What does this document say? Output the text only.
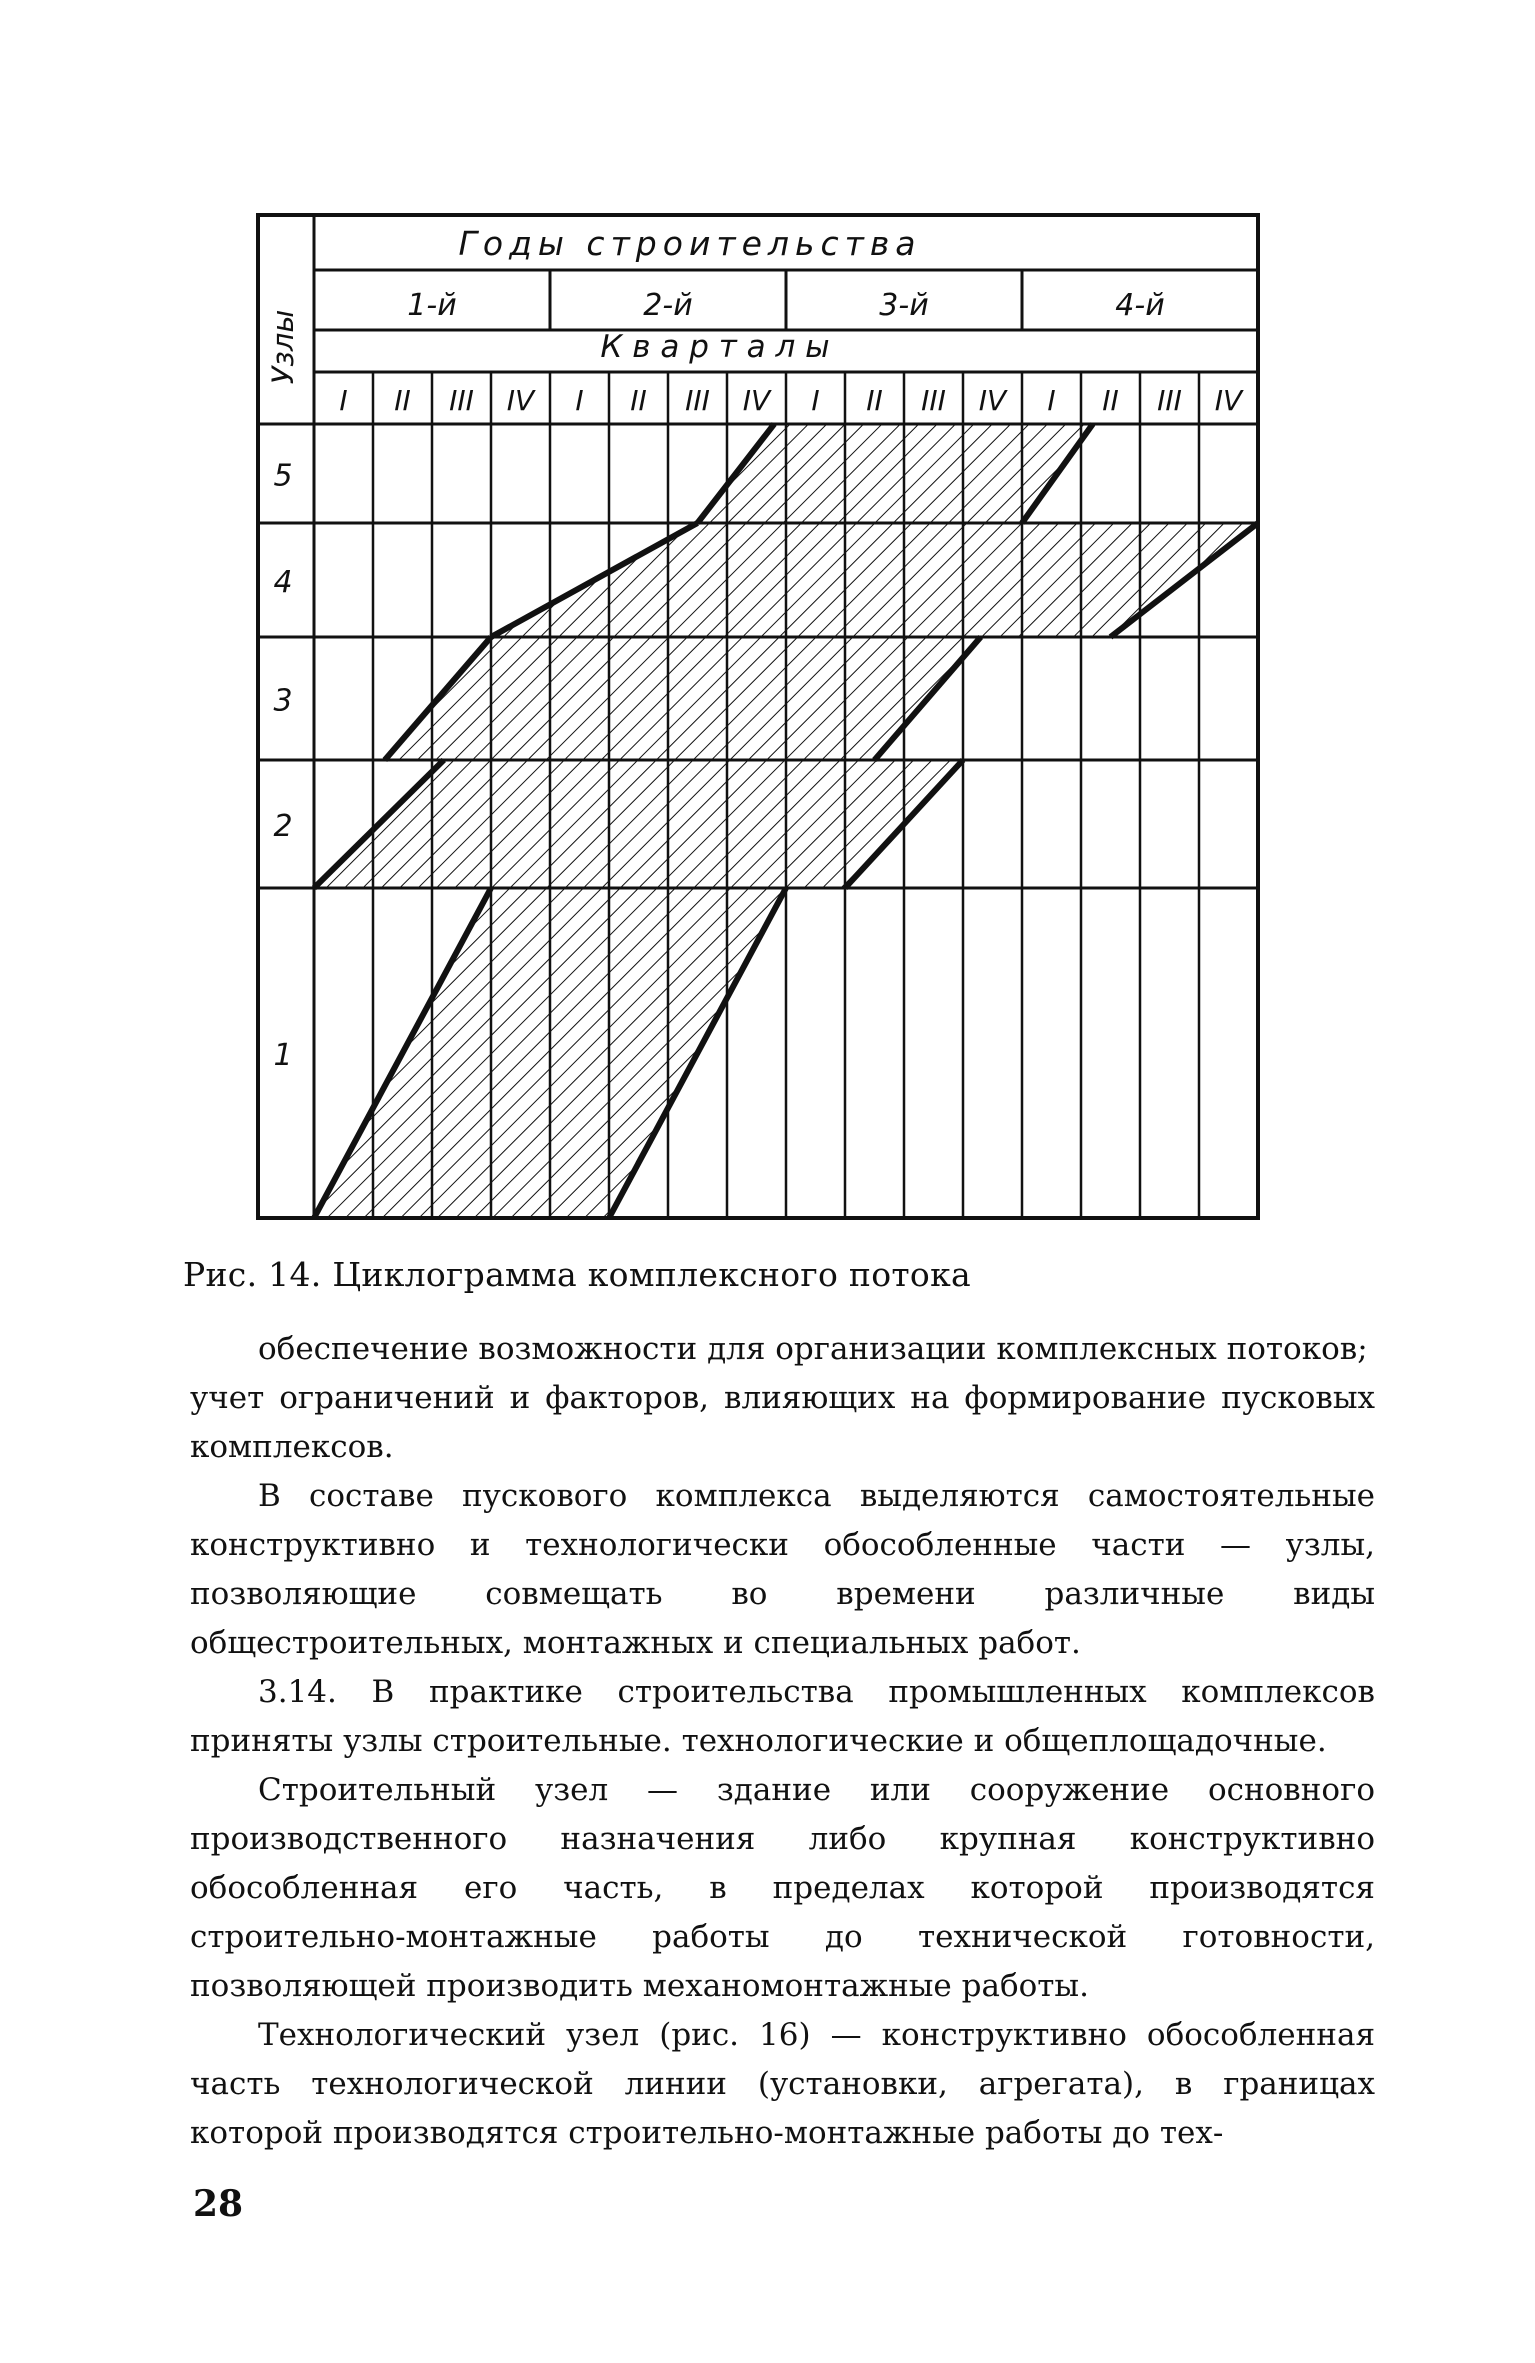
Годы строительства
К в а р т а л ы
Узлы
1-й	2-й	3-й	4-й
I II III IV I II III IV I II III IV I II III IV
5
4
3
2
1
Рис. 14. Циклограмма комплексного потока

обеспечение возможности для организации комплексных потоков;

учет ограничений и факторов, влияющих на формирование пусковых комплексов.

В составе пускового комплекса выделяются самостоятельные конструктивно и технологически обособленные части — узлы, позволяющие совмещать во времени различные виды общестроительных, монтажных и специальных работ.

3.14. В практике строительства промышленных комплексов приняты узлы строительные. технологические и общеплощадочные.

Строительный узел — здание или сооружение основного производственного назначения либо крупная конструктивно обособленная его часть, в пределах которой производятся строительно-монтажные работы до технической готовности, позволяющей производить механомонтажные работы.

Технологический узел (рис. 16) — конструктивно обособленная часть технологической линии (установки, агрегата), в границах которой производятся строительно-монтажные работы до тех-

28
